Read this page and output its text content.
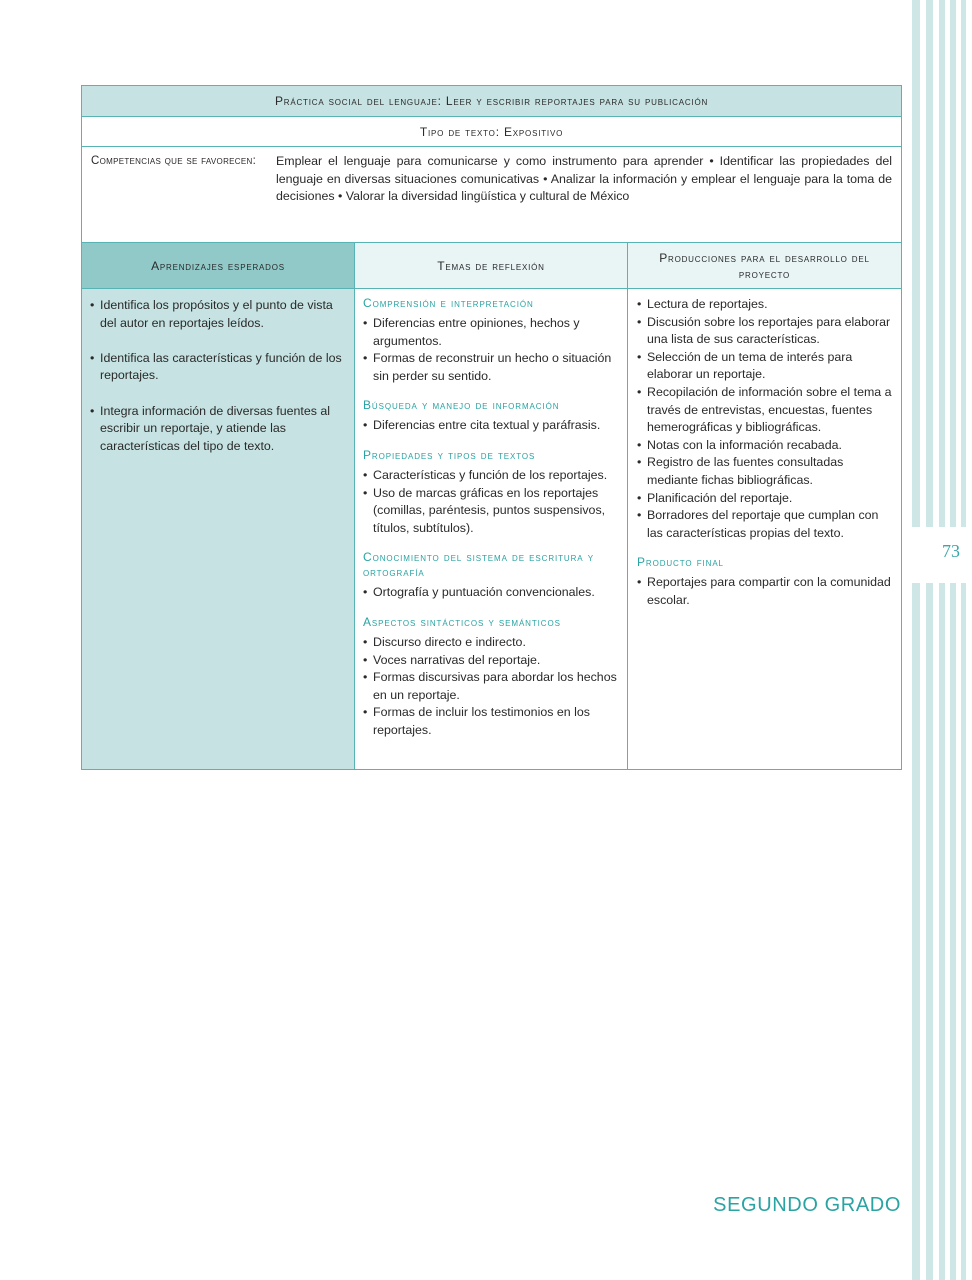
73
Práctica social del lenguaje: Leer y escribir reportajes para su publicación
Tipo de texto: Expositivo
Competencias que se favorecen:	Emplear el lenguaje para comunicarse y como instrumento para aprender • Identificar las propiedades del lenguaje en diversas situaciones comunicativas • Analizar la información y emplear el lenguaje para la toma de decisiones • Valorar la diversidad lingüística y cultural de México
Aprendizajes esperados	Temas de reflexión
Producciones para el desarrollo del proyecto
• Identifica los propósitos y el punto de vista del autor en reportajes leídos.
• Identifica las características y función de los reportajes.
• Integra información de diversas fuentes al escribir un reportaje, y atiende las características del tipo de texto.
Comprensión e interpretación
• Diferencias entre opiniones, hechos y argumentos.
• Formas de reconstruir un hecho o situación sin perder su sentido.
Búsqueda y manejo de información
• Diferencias entre cita textual y paráfrasis.
Propiedades y tipos de textos
• Características y función de los reportajes.
• Uso de marcas gráficas en los reportajes (comillas, paréntesis, puntos suspensivos, títulos, subtítulos).
Conocimiento del sistema de escritura y ortografía
• Ortografía y puntuación convencionales.
Aspectos sintácticos y semánticos
• Discurso directo e indirecto.
• Voces narrativas del reportaje.
• Formas discursivas para abordar los hechos en un reportaje.
• Formas de incluir los testimonios en los reportajes.
• Lectura de reportajes.
• Discusión sobre los reportajes para elaborar una lista de sus características.
• Selección de un tema de interés para elaborar un reportaje.
• Recopilación de información sobre el tema a través de entrevistas, encuestas, fuentes hemerográficas y bibliográficas.
• Notas con la información recabada.
• Registro de las fuentes consultadas mediante fichas bibliográficas.
• Planificación del reportaje.
• Borradores del reportaje que cumplan con las características propias del texto.
Producto final
• Reportajes para compartir con la comunidad escolar.
SEGUNDO GRADO
